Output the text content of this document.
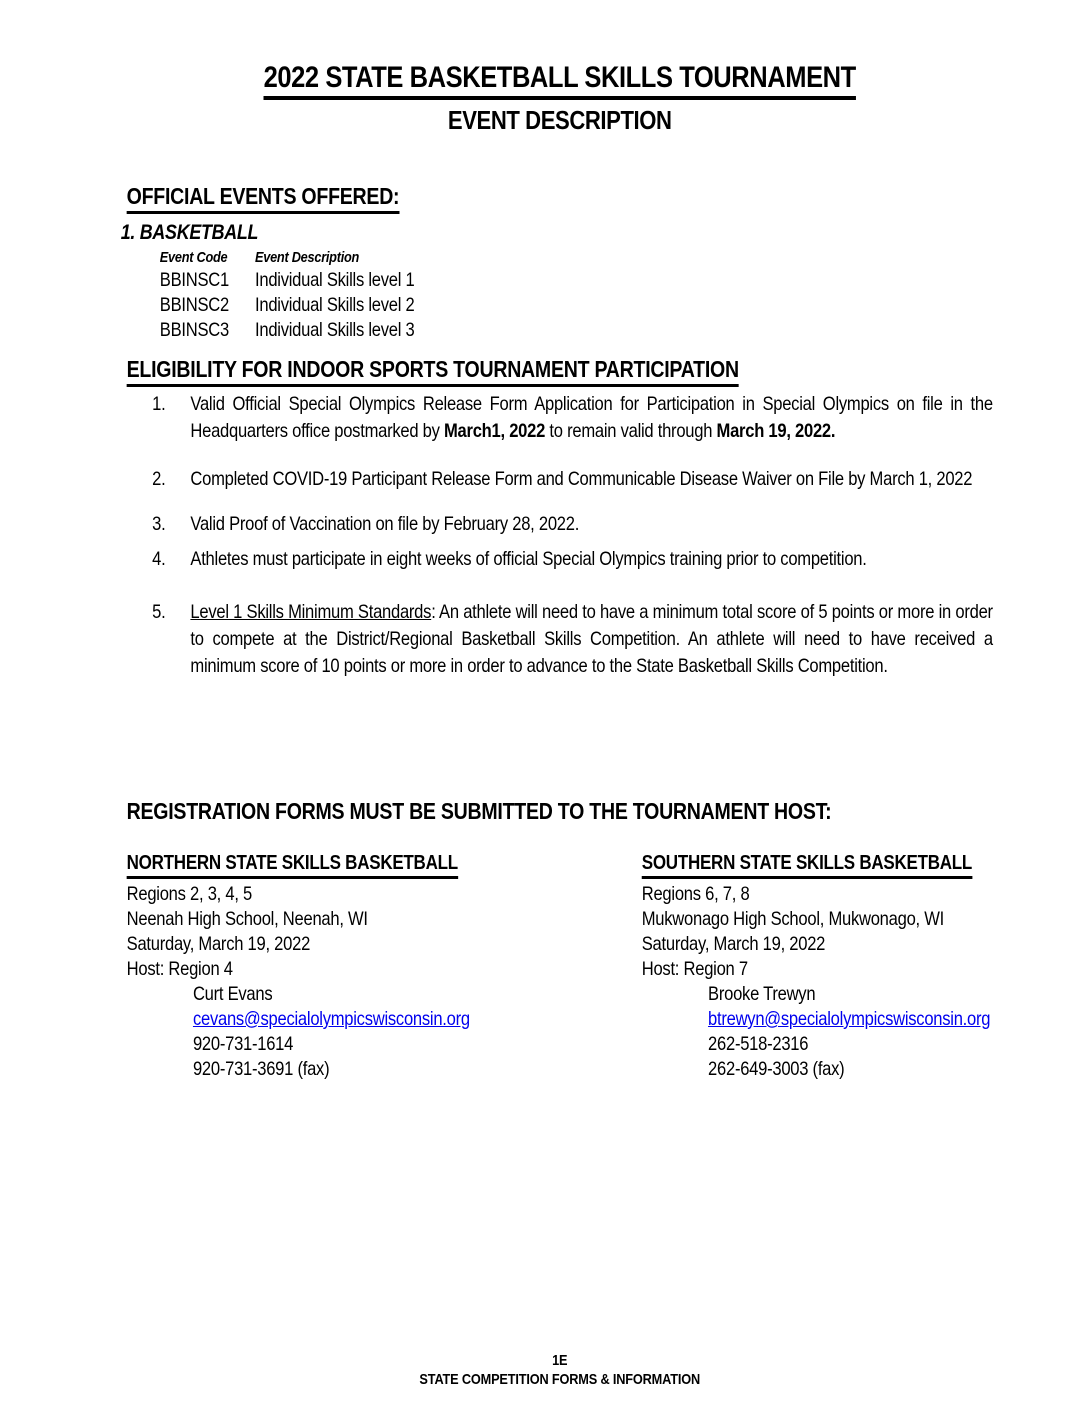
2022 STATE BASKETBALL SKILLS TOURNAMENT
EVENT DESCRIPTION
OFFICIAL EVENTS OFFERED:
1. BASKETBALL
Event Code	Event Description
BBINSC1	Individual Skills level 1
BBINSC2	Individual Skills level 2
BBINSC3	Individual Skills level 3
ELIGIBILITY FOR INDOOR SPORTS TOURNAMENT PARTICIPATION
1. Valid Official Special Olympics Release Form Application for Participation in Special Olympics on file in the Headquarters office postmarked by March1, 2022 to remain valid through March 19, 2022.
2. Completed COVID-19 Participant Release Form and Communicable Disease Waiver on File by March 1, 2022
3. Valid Proof of Vaccination on file by February 28, 2022.
4. Athletes must participate in eight weeks of official Special Olympics training prior to competition.
5. Level 1 Skills Minimum Standards: An athlete will need to have a minimum total score of 5 points or more in order to compete at the District/Regional Basketball Skills Competition. An athlete will need to have received a minimum score of 10 points or more in order to advance to the State Basketball Skills Competition.
REGISTRATION FORMS MUST BE SUBMITTED TO THE TOURNAMENT HOST:
NORTHERN STATE SKILLS BASKETBALL
Regions 2, 3, 4, 5
Neenah High School, Neenah, WI
Saturday, March 19, 2022
Host: Region 4
Curt Evans
cevans@specialolympicswisconsin.org
920-731-1614
920-731-3691 (fax)
SOUTHERN STATE SKILLS BASKETBALL
Regions 6, 7, 8
Mukwonago High School, Mukwonago, WI
Saturday, March 19, 2022
Host: Region 7
Brooke Trewyn
btrewyn@specialolympicswisconsin.org
262-518-2316
262-649-3003 (fax)
1E
STATE COMPETITION FORMS & INFORMATION
